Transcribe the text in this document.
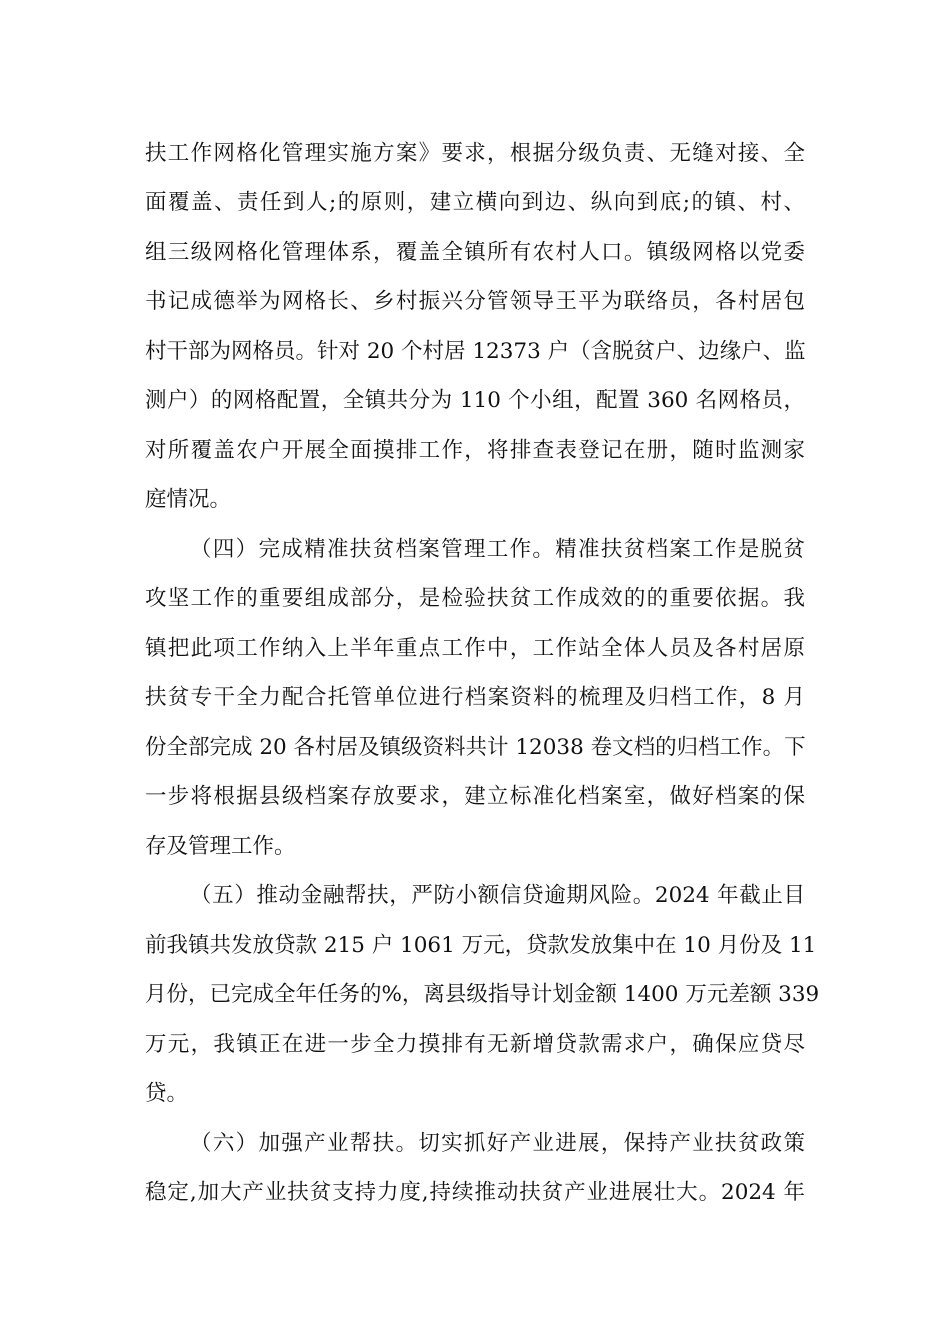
扶工作网格化管理实施方案》要求，根据分级负责、无缝对接、全
面覆盖、责任到人;的原则，建立横向到边、纵向到底;的镇、村、
组三级网格化管理体系，覆盖全镇所有农村人口。镇级网格以党委
书记成德举为网格长、乡村振兴分管领导王平为联络员，各村居包
村干部为网格员。针对 20 个村居 12373 户（含脱贫户、边缘户、监
测户）的网格配置，全镇共分为 110 个小组，配置 360 名网格员，
对所覆盖农户开展全面摸排工作，将排查表登记在册，随时监测家
庭情况。
（四）完成精准扶贫档案管理工作。精准扶贫档案工作是脱贫
攻坚工作的重要组成部分，是检验扶贫工作成效的的重要依据。我
镇把此项工作纳入上半年重点工作中，工作站全体人员及各村居原
扶贫专干全力配合托管单位进行档案资料的梳理及归档工作，8 月
份全部完成 20 各村居及镇级资料共计 12038 卷文档的归档工作。下
一步将根据县级档案存放要求，建立标准化档案室，做好档案的保
存及管理工作。
（五）推动金融帮扶，严防小额信贷逾期风险。2024 年截止目
前我镇共发放贷款 215 户 1061 万元，贷款发放集中在 10 月份及 11
月份，已完成全年任务的%，离县级指导计划金额 1400 万元差额 339
万元，我镇正在进一步全力摸排有无新增贷款需求户，确保应贷尽
贷。
（六）加强产业帮扶。切实抓好产业进展，保持产业扶贫政策
稳定,加大产业扶贫支持力度,持续推动扶贫产业进展壮大。2024 年
